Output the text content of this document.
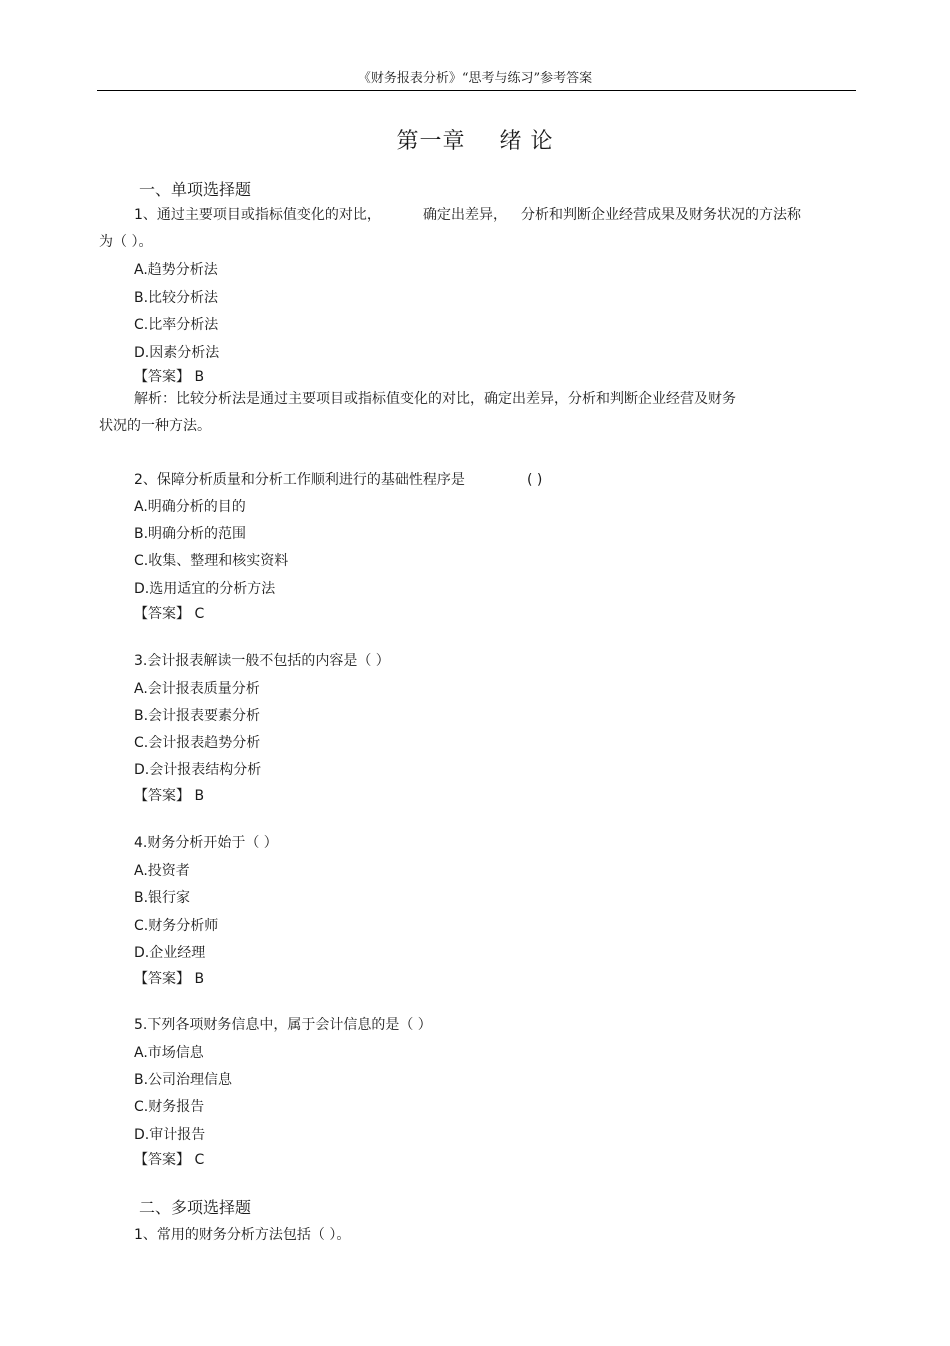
《财务报表分析》“思考与练习”参考答案
第一章 绪 论
一、单项选择题
1、通过主要项目或指标值变化的对比，	确定出差异， 分析和判断企业经营成果及财务状况的方法称
为（ ）。
A.趋势分析法
B.比较分析法
C.比率分析法
D.因素分析法
【答案】 B
解析：比较分析法是通过主要项目或指标值变化的对比，确定出差异，分析和判断企业经营及财务
状况的一种方法。
2、保障分析质量和分析工作顺利进行的基础性程序是	( )
A.明确分析的目的
B.明确分析的范围
C.收集、整理和核实资料
D.选用适宜的分析方法
【答案】 C
3.会计报表解读一般不包括的内容是（ ）
A.会计报表质量分析
B.会计报表要素分析
C.会计报表趋势分析
D.会计报表结构分析
【答案】 B
4.财务分析开始于（ ）
A.投资者
B.银行家
C.财务分析师
D.企业经理
【答案】 B
5.下列各项财务信息中，属于会计信息的是（ ）
A.市场信息
B.公司治理信息
C.财务报告
D.审计报告
【答案】 C
二、多项选择题
1、常用的财务分析方法包括（ ）。
